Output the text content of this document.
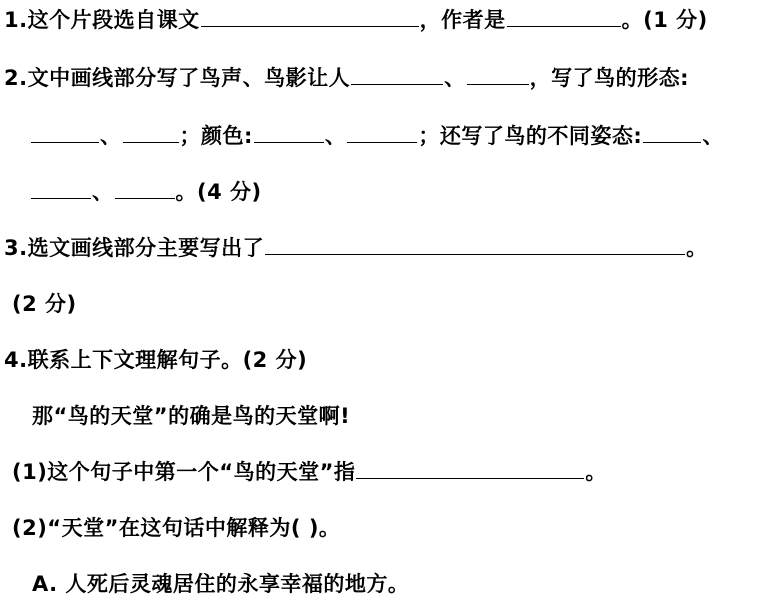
1.这个片段选自课文	，作者是	。(1 分)
2.文中画线部分写了鸟声、鸟影让人	、	，写了鸟的形态:
、	；颜色:	、	；还写了鸟的不同姿态:	、
、	。(4 分)
3.选文画线部分主要写出了	。
(2 分)
4.联系上下文理解句子。(2 分)
那“鸟的天堂”的确是鸟的天堂啊!
(1)这个句子中第一个“鸟的天堂”指	。
(2)“天堂”在这句话中解释为( )。
A. 人死后灵魂居住的永享幸福的地方。
